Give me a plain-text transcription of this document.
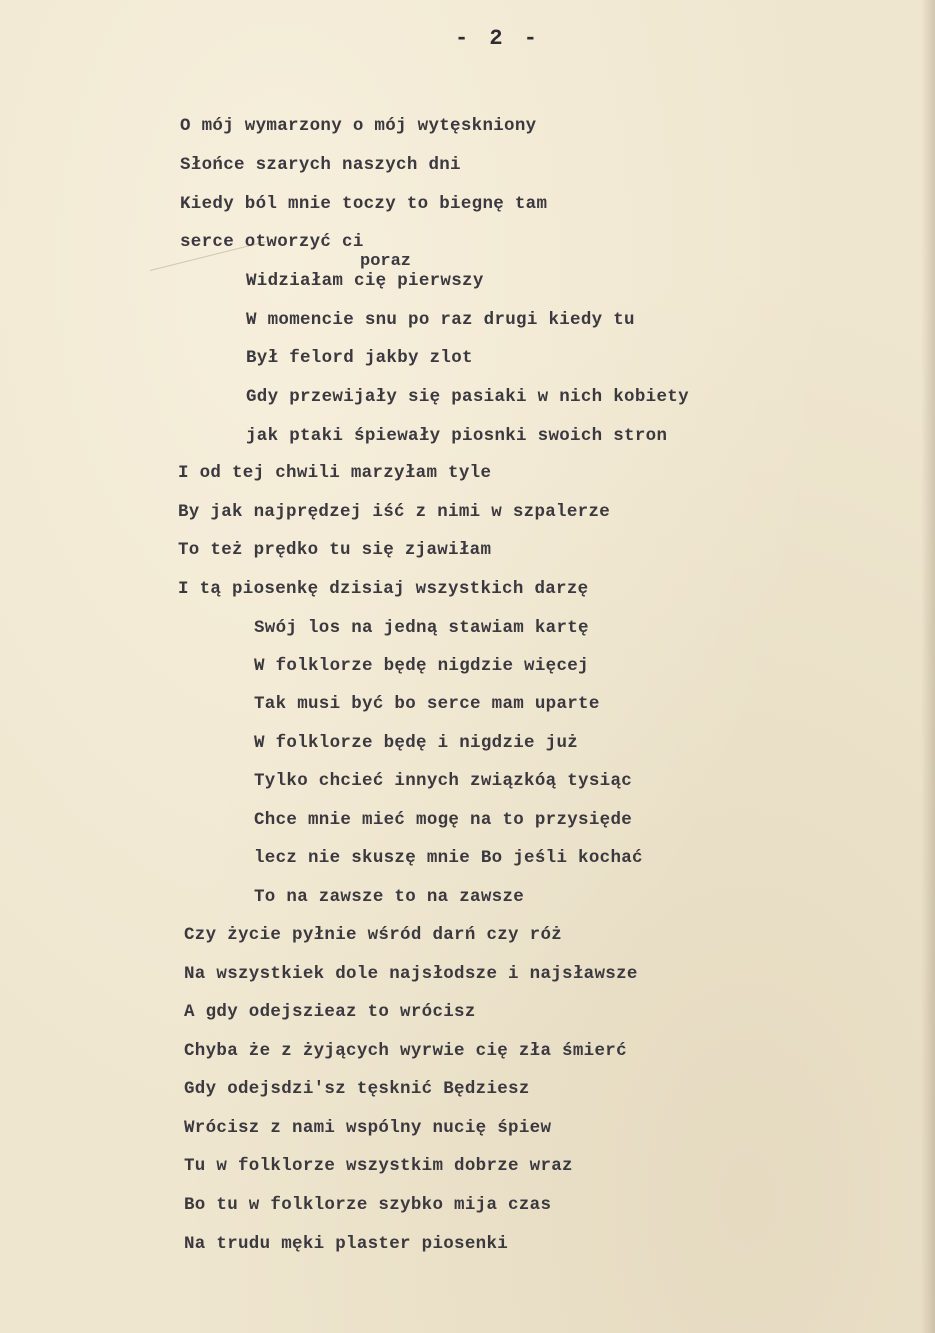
- 2 -
O mój wymarzony o mój wytęskniony
Słońce szarych naszych dni
Kiedy ból mnie toczy to biegnę tam
serce otworzyć ci
poraz
Widziałam cię pierwszy
W momencie snu po raz drugi kiedy tu
Był felord jakby zlot
Gdy przewijały się pasiaki w nich kobiety
jak ptaki śpiewały piosnki swoich stron
I od tej chwili marzyłam tyle
By jak najprędzej iść z nimi w szpalerze
To też prędko tu się zjawiłam
I tą piosenkę dzisiaj wszystkich darzę
Swój los na jedną stawiam kartę
W folklorze będę nigdzie więcej
Tak musi być bo serce mam uparte
W folklorze będę i nigdzie już
Tylko chcieć innych związkóą tysiąc
Chce mnie mieć mogę na to przysięde
lecz nie skuszę mnie Bo jeśli kochać
To na zawsze to na zawsze
Czy życie pyłnie wśród darń czy róż
Na wszystkiek dole najsłodsze i najsławsze
A gdy odejszieaz to wrócisz
Chyba że z żyjących wyrwie cię zła śmierć
Gdy odejsdzi'sz tęsknić Będziesz
Wrócisz z nami wspólny nucię śpiew
Tu w folklorze wszystkim dobrze wraz
Bo tu w folklorze szybko mija czas
Na trudu męki plaster piosenki
